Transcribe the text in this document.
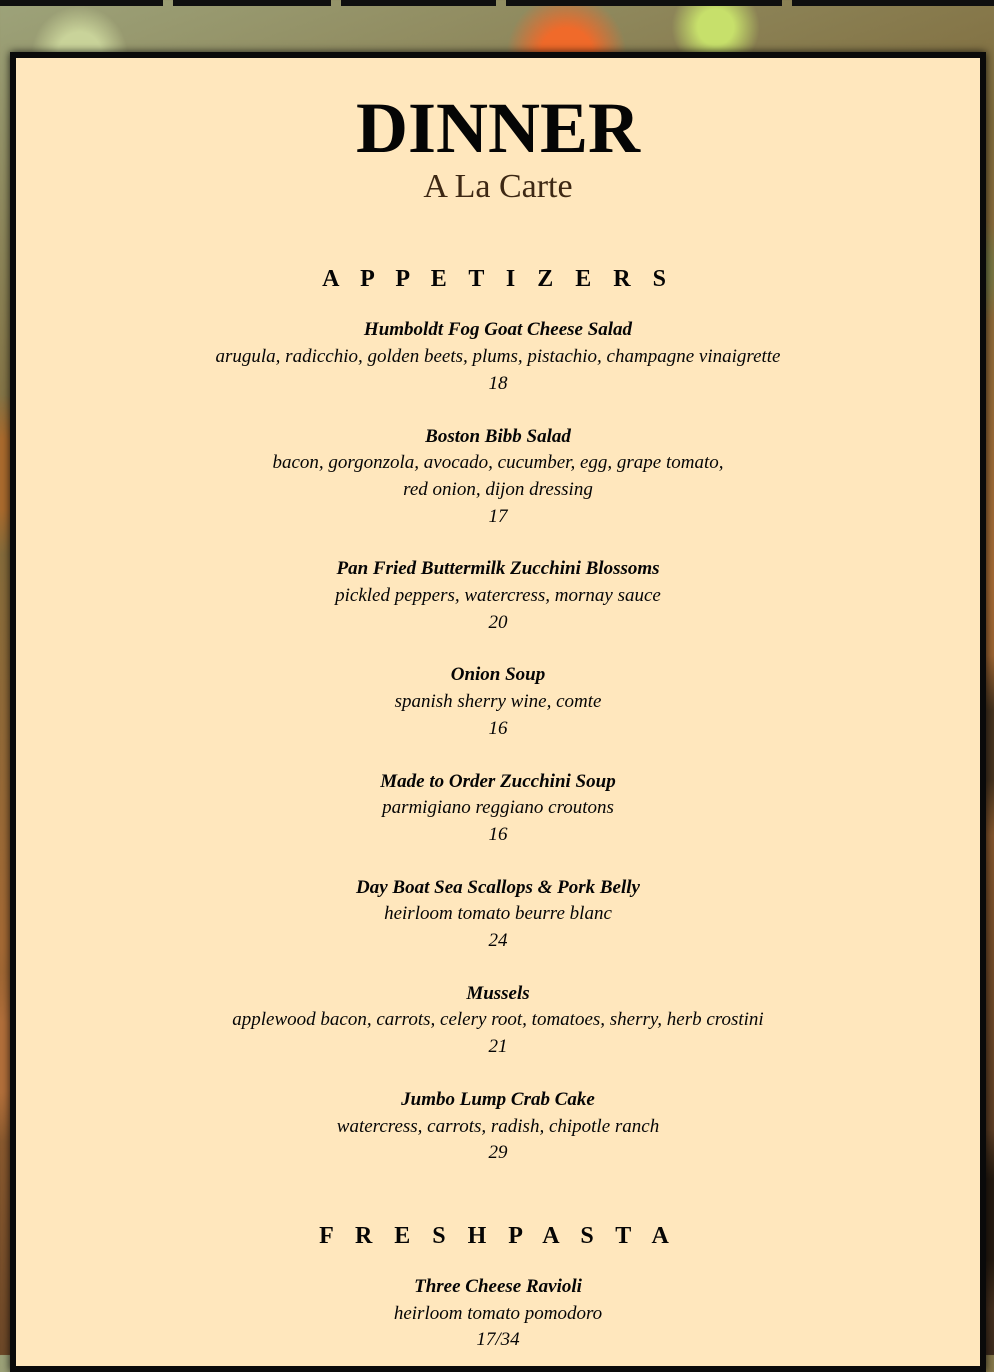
DINNER
A La Carte
A P P E T I Z E R S
Humboldt Fog Goat Cheese Salad
arugula, radicchio, golden beets, plums, pistachio, champagne vinaigrette
18
Boston Bibb Salad
bacon, gorgonzola, avocado, cucumber, egg, grape tomato,
red onion, dijon dressing
17
Pan Fried Buttermilk Zucchini Blossoms
pickled peppers, watercress, mornay sauce
20
Onion Soup
spanish sherry wine, comte
16
Made to Order Zucchini Soup
parmigiano reggiano croutons
16
Day Boat Sea Scallops & Pork Belly
heirloom tomato beurre blanc
24
Mussels
applewood bacon, carrots, celery root, tomatoes, sherry, herb crostini
21
Jumbo Lump Crab Cake
watercress, carrots, radish, chipotle ranch
29
F R E S H P A S T A
Three Cheese Ravioli
heirloom tomato pomodoro
17/34
